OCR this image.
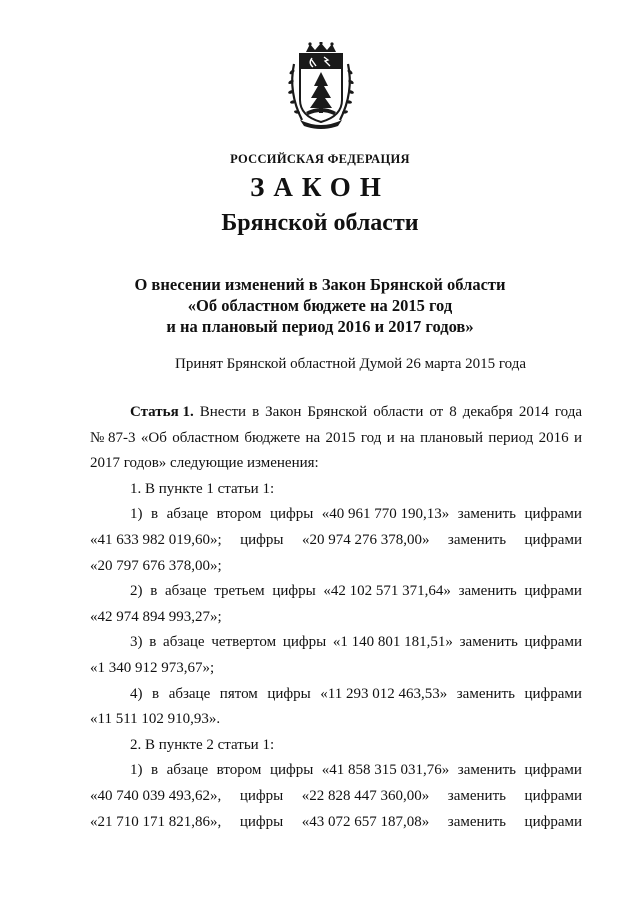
РОССИЙСКАЯ ФЕДЕРАЦИЯ
ЗАКОН
Брянской области
О внесении изменений в Закон Брянской области
«Об областном бюджете на 2015 год
и на плановый период 2016 и 2017 годов»
Принят Брянской областной Думой 26 марта 2015 года
Статья 1. Внести в Закон Брянской области от 8 декабря 2014 года
№ 87-3 «Об областном бюджете на 2015 год и на плановый период 2016 и
2017 годов» следующие изменения:
1. В пункте 1 статьи 1:
1) в абзаце втором цифры «40 961 770 190,13» заменить цифрами
«41 633 982 019,60»; цифры «20 974 276 378,00» заменить цифрами
«20 797 676 378,00»;
2) в абзаце третьем цифры «42 102 571 371,64» заменить цифрами
«42 974 894 993,27»;
3) в абзаце четвертом цифры «1 140 801 181,51» заменить цифрами
«1 340 912 973,67»;
4) в абзаце пятом цифры «11 293 012 463,53» заменить цифрами
«11 511 102 910,93».
2. В пункте 2 статьи 1:
1) в абзаце втором цифры «41 858 315 031,76» заменить цифрами
«40 740 039 493,62», цифры «22 828 447 360,00» заменить цифрами
«21 710 171 821,86», цифры «43 072 657 187,08» заменить цифрами
